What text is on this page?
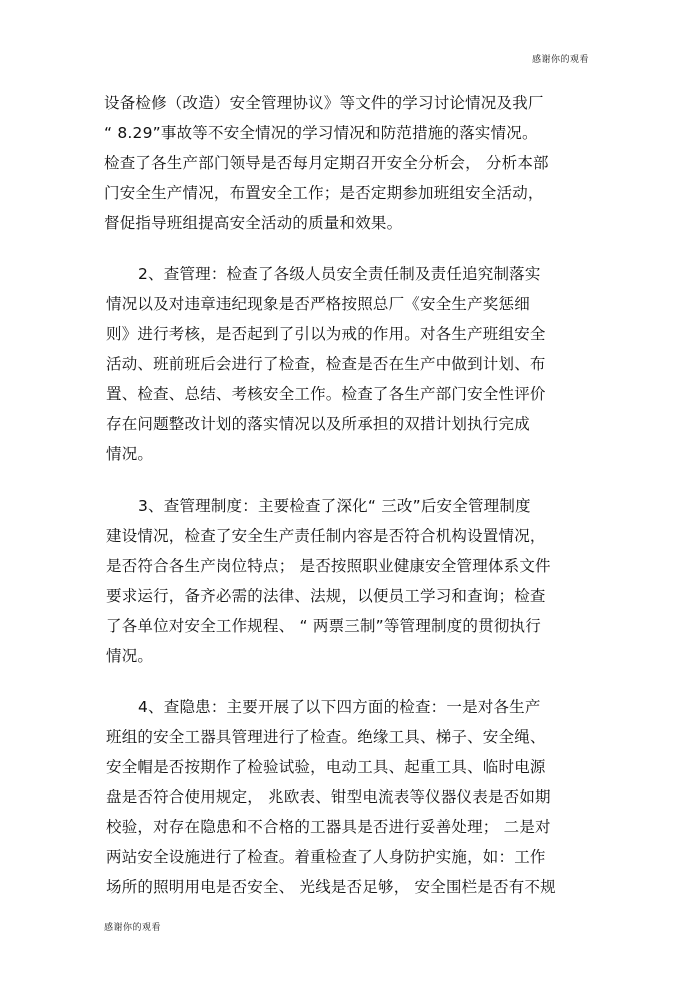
感谢你的观看
设备检修（改造）安全管理协议》等文件的学习讨论情况及我厂
“ 8.29”事故等不安全情况的学习情况和防范措施的落实情况。
检查了各生产部门领导是否每月定期召开安全分析会， 分析本部
门安全生产情况，布置安全工作；是否定期参加班组安全活动，
督促指导班组提高安全活动的质量和效果。
2、查管理：检查了各级人员安全责任制及责任追究制落实
情况以及对违章违纪现象是否严格按照总厂《安全生产奖惩细
则》进行考核，是否起到了引以为戒的作用。对各生产班组安全
活动、班前班后会进行了检查，检查是否在生产中做到计划、布
置、检查、总结、考核安全工作。检查了各生产部门安全性评价
存在问题整改计划的落实情况以及所承担的双措计划执行完成
情况。
3、查管理制度：主要检查了深化“ 三改”后安全管理制度
建设情况，检查了安全生产责任制内容是否符合机构设置情况，
是否符合各生产岗位特点； 是否按照职业健康安全管理体系文件
要求运行，备齐必需的法律、法规，以便员工学习和查询；检查
了各单位对安全工作规程、 “ 两票三制”等管理制度的贯彻执行
情况。
4、查隐患：主要开展了以下四方面的检查：一是对各生产
班组的安全工器具管理进行了检查。绝缘工具、梯子、安全绳、
安全帽是否按期作了检验试验，电动工具、起重工具、临时电源
盘是否符合使用规定， 兆欧表、钳型电流表等仪器仪表是否如期
校验，对存在隐患和不合格的工器具是否进行妥善处理； 二是对
两站安全设施进行了检查。着重检查了人身防护实施，如：工作
场所的照明用电是否安全、 光线是否足够， 安全围栏是否有不规
感谢你的观看
